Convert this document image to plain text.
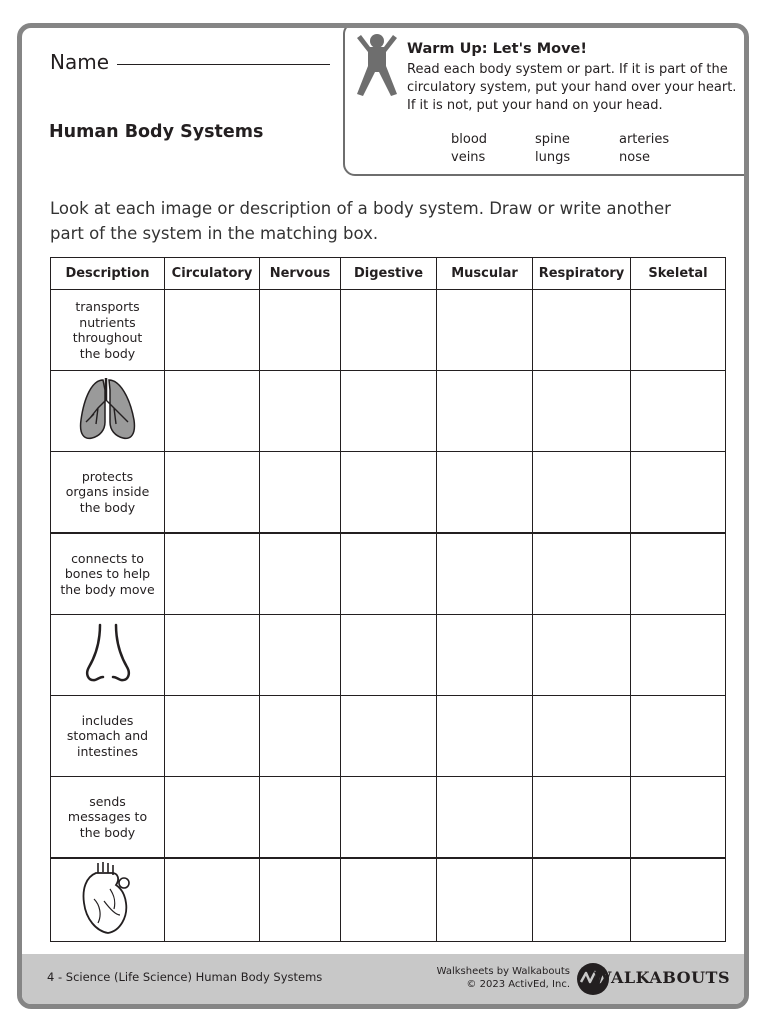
Name
Human Body Systems
Warm Up: Let's Move!
Read each body system or part. If it is part of the circulatory system, put your hand over your heart. If it is not, put your hand on your head.
blood
veins
spine
lungs
arteries
nose
Look at each image or description of a body system. Draw or write another part of the system in the matching box.
Description	Circulatory	Nervous	Digestive	Muscular	Respiratory	Skeletal

transports nutrients throughout the body						

protects organs inside the body						

connects to bones to help the body move						

includes stomach and intestines						

sends messages to the body						

4 - Science (Life Science) Human Body Systems	Walksheets by Walkabouts
© 2023 ActivEd, Inc. WALKABOUTS
